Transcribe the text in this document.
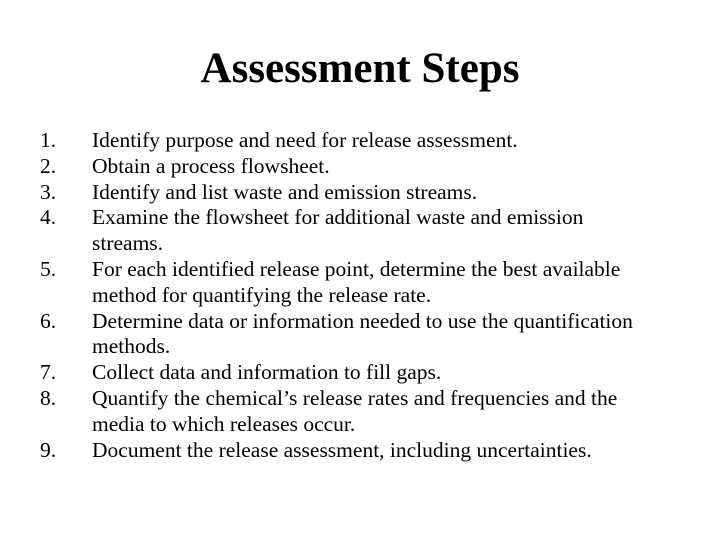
Assessment Steps
1.	Identify purpose and need for release assessment.
2.	Obtain a process flowsheet.
3.	Identify and list waste and emission streams.
4.	Examine the flowsheet for additional waste and emission streams.
5.	For each identified release point, determine the best available method for quantifying the release rate.
6.	Determine data or information needed to use the quantification methods.
7.	Collect data and information to fill gaps.
8.	Quantify the chemical’s release rates and frequencies and the media to which releases occur.
9.	Document the release assessment, including uncertainties.
